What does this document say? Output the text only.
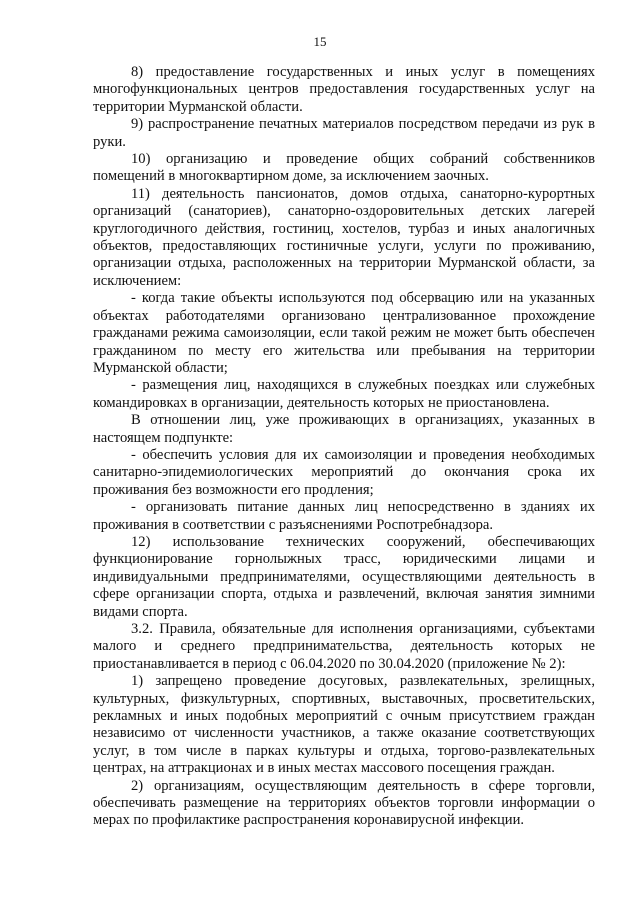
15

8) предоставление государственных и иных услуг в помещениях многофункциональных центров предоставления государственных услуг на территории Мурманской области.

9) распространение печатных материалов посредством передачи из рук в руки.

10) организацию и проведение общих собраний собственников помещений в многоквартирном доме, за исключением заочных.

11) деятельность пансионатов, домов отдыха, санаторно-курортных организаций (санаториев), санаторно-оздоровительных детских лагерей круглогодичного действия, гостиниц, хостелов, турбаз и иных аналогичных объектов, предоставляющих гостиничные услуги, услуги по проживанию, организации отдыха, расположенных на территории Мурманской области, за исключением:

- когда такие объекты используются под обсервацию или на указанных объектах работодателями организовано централизованное прохождение гражданами режима самоизоляции, если такой режим не может быть обеспечен гражданином по месту его жительства или пребывания на территории Мурманской области;

- размещения лиц, находящихся в служебных поездках или служебных командировках в организации, деятельность которых не приостановлена.

В отношении лиц, уже проживающих в организациях, указанных в настоящем подпункте:

- обеспечить условия для их самоизоляции и проведения необходимых санитарно-эпидемиологических мероприятий до окончания срока их проживания без возможности его продления;

- организовать питание данных лиц непосредственно в зданиях их проживания в соответствии с разъяснениями Роспотребнадзора.

12) использование технических сооружений, обеспечивающих функционирование горнолыжных трасс, юридическими лицами и индивидуальными предпринимателями, осуществляющими деятельность в сфере организации спорта, отдыха и развлечений, включая занятия зимними видами спорта.

3.2. Правила, обязательные для исполнения организациями, субъектами малого и среднего предпринимательства, деятельность которых не приостанавливается в период с 06.04.2020 по 30.04.2020 (приложение № 2):

1) запрещено проведение досуговых, развлекательных, зрелищных, культурных, физкультурных, спортивных, выставочных, просветительских, рекламных и иных подобных мероприятий с очным присутствием граждан независимо от численности участников, а также оказание соответствующих услуг, в том числе в парках культуры и отдыха, торгово-развлекательных центрах, на аттракционах и в иных местах массового посещения граждан.

2) организациям, осуществляющим деятельность в сфере торговли, обеспечивать размещение на территориях объектов торговли информации о мерах по профилактике распространения коронавирусной инфекции.
